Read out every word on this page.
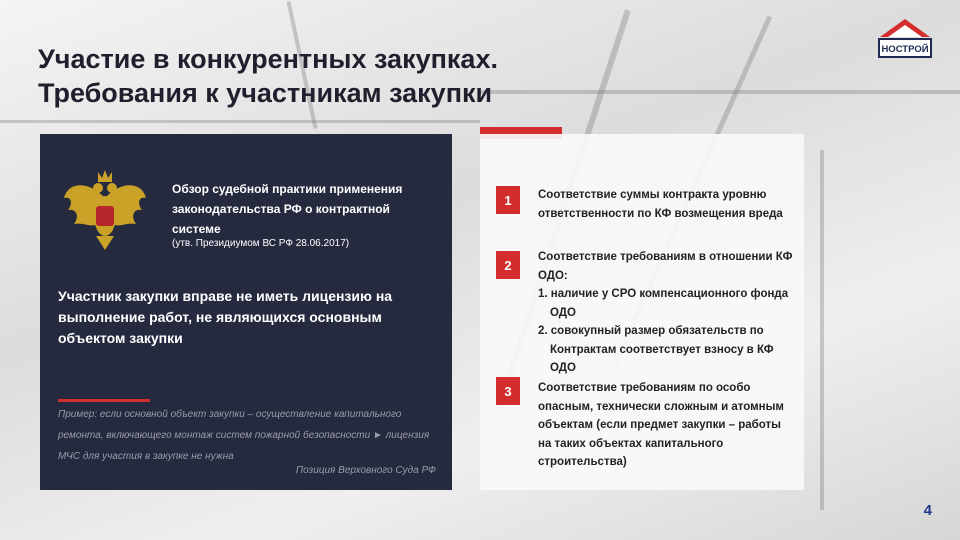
Участие в конкурентных закупках.
Требования к участникам закупки
НОСТРОЙ
Обзор судебной практики применения законодательства РФ о контрактной системе
(утв. Президиумом ВС РФ 28.06.2017)
Участник закупки вправе не иметь лицензию на выполнение работ, не являющихся основным объектом закупки
Пример: если основной объект закупки – осуществление капитального ремонта, включающего монтаж систем пожарной безопасности ► лицензия МЧС для участия в закупке не нужна
Позиция Верховного Суда РФ
1	Соответствие суммы контракта уровню ответственности по КФ возмещения вреда
2
Соответствие требованиям в отношении КФ ОДО:
1. наличие у СРО компенсационного фонда ОДО
2. совокупный размер обязательств по Контрактам соответствует взносу в КФ ОДО
3	Соответствие требованиям по особо опасным, технически сложным и атомным объектам (если предмет закупки – работы на таких объектах капитального строительства)
4
